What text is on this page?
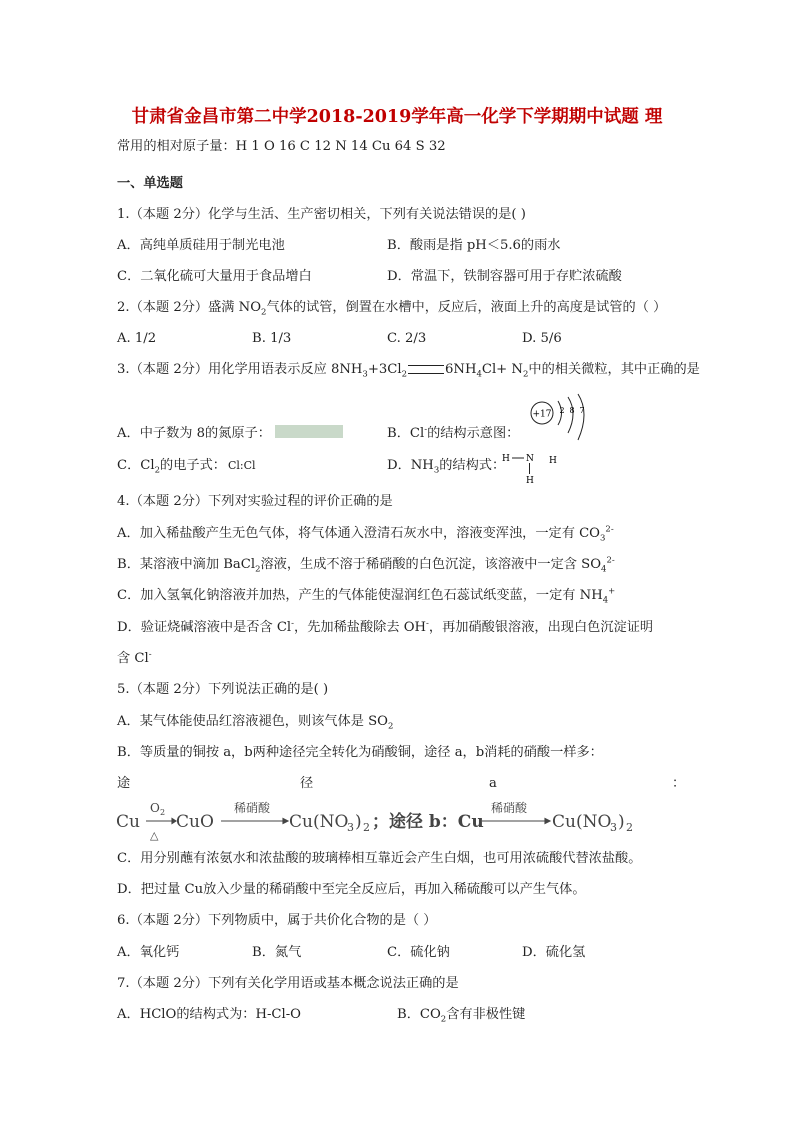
甘肃省金昌市第二中学2018-2019学年高一化学下学期期中试题 理
常用的相对原子量：H 1 O 16 C 12 N 14 Cu 64 S 32
一、单选题
1.（本题 2分）化学与生活、生产密切相关，下列有关说法错误的是( )
A．高纯单质硅用于制光电池	B．酸雨是指 pH＜5.6的雨水
C．二氧化硫可大量用于食品增白	D．常温下，铁制容器可用于存贮浓硫酸
2.（本题 2分）盛满 $NO_2$气体的试管，倒置在水槽中，反应后，液面上升的高度是试管的（ ）
A. 1/2	B. 1/3	C. 2/3	D. 5/6
3.（本题 2分）用化学用语表示反应 $8NH_3+3Cl_2$	$6NH_4Cl+ N_2$中的相关微粒，其中正确的是
A．中子数为 8的氮原子：	B．Cl-的结构示意图：
+17 2 8 7
C．$Cl_2$的电子式： Cl:Cl	D．$NH_3$的结构式：
H N H
H
4.（本题 2分）下列对实验过程的评价正确的是
A．加入稀盐酸产生无色气体，将气体通入澄清石灰水中，溶液变浑浊，一定有 $CO_3^{2-}$
B．某溶液中滴加 BaCl$_2$溶液，生成不溶于稀硝酸的白色沉淀，该溶液中一定含 $SO_4^{2-}$
C．加入氢氧化钠溶液并加热，产生的气体能使湿润红色石蕊试纸变蓝，一定有 $NH_4^+$
D．验证烧碱溶液中是否含 Cl-，先加稀盐酸除去 OH-，再加硝酸银溶液，出现白色沉淀证明
含 Cl-
5.（本题 2分）下列说法正确的是( )
A．某气体能使品红溶液褪色，则该气体是 $SO_2$
B．等质量的铜按 a，b两种途径完全转化为硝酸铜，途径 a，b消耗的硝酸一样多：
途	径	a	：
Cu
O 2
△
CuO
稀硝酸
Cu(NO
3 ) 2 ；途径 b：Cu
稀硝酸
Cu(NO
3 ) 2
C．用分别蘸有浓氨水和浓盐酸的玻璃棒相互靠近会产生白烟，也可用浓硫酸代替浓盐酸。
D．把过量 Cu放入少量的稀硝酸中至完全反应后，再加入稀硫酸可以产生气体。
6.（本题 2分）下列物质中，属于共价化合物的是（ ）
A．氧化钙	B．氮气	C．硫化钠	D．硫化氢
7.（本题 2分）下列有关化学用语或基本概念说法正确的是
A．HClO的结构式为：H-Cl-O	B．$CO_2$含有非极性键
